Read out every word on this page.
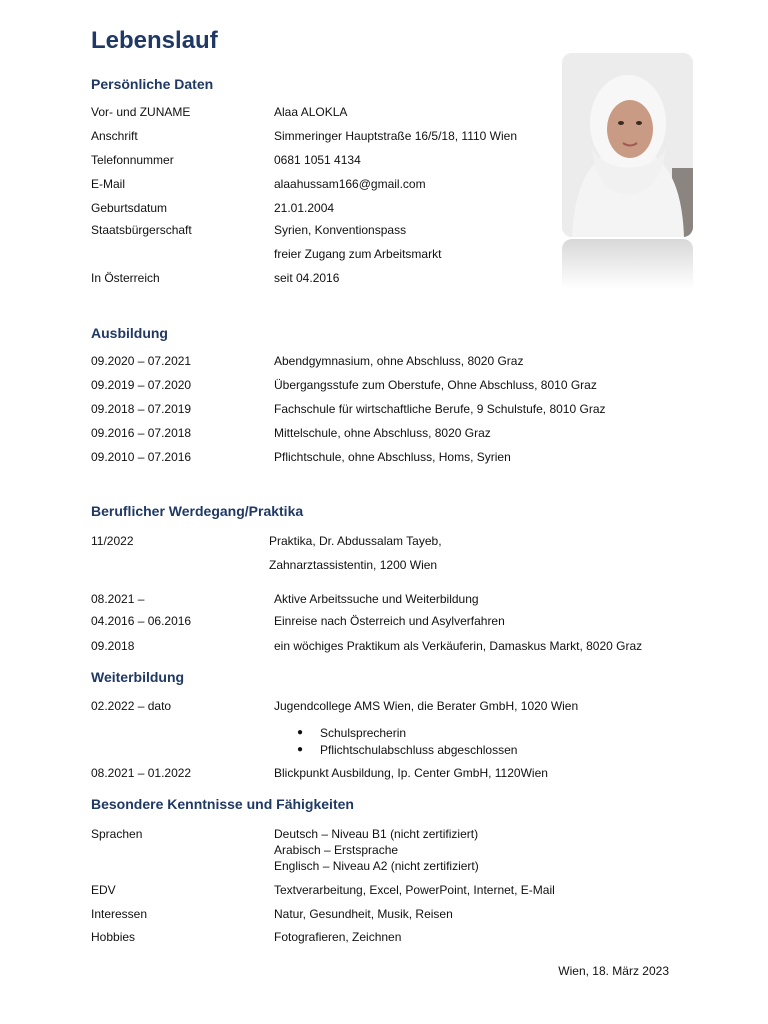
Lebenslauf
Persönliche Daten
Vor- und ZUNAME	Alaa ALOKLA
Anschrift	Simmeringer Hauptstraße 16/5/18, 1110 Wien
Telefonnummer	0681 1051 4134
E-Mail	alaahussam166@gmail.com
Geburtsdatum	21.01.2004
Staatsbürgerschaft	Syrien, Konventionspass
freier Zugang zum Arbeitsmarkt
In Österreich	seit 04.2016
Ausbildung
09.2020 – 07.2021	Abendgymnasium, ohne Abschluss, 8020 Graz
09.2019 – 07.2020	Übergangsstufe zum Oberstufe, Ohne Abschluss, 8010 Graz
09.2018 – 07.2019	Fachschule für wirtschaftliche Berufe, 9 Schulstufe, 8010 Graz
09.2016 – 07.2018	Mittelschule, ohne Abschluss, 8020 Graz
09.2010 – 07.2016	Pflichtschule, ohne Abschluss, Homs, Syrien
Beruflicher Werdegang/Praktika
11/2022	Praktika, Dr. Abdussalam Tayeb,
Zahnarztassistentin, 1200 Wien
08.2021 –	Aktive Arbeitssuche und Weiterbildung
04.2016 – 06.2016	Einreise nach Österreich und Asylverfahren
09.2018	ein wöchiges Praktikum als Verkäuferin, Damaskus Markt, 8020 Graz
Weiterbildung
02.2022 – dato	Jugendcollege AMS Wien, die Berater GmbH, 1020 Wien
● Schulsprecherin
● Pflichtschulabschluss abgeschlossen
08.2021 – 01.2022	Blickpunkt Ausbildung, Ip. Center GmbH, 1120Wien
Besondere Kenntnisse und Fähigkeiten
Sprachen	Deutsch – Niveau B1 (nicht zertifiziert)
Arabisch – Erstsprache
Englisch – Niveau A2 (nicht zertifiziert)
EDV	Textverarbeitung, Excel, PowerPoint, Internet, E-Mail
Interessen	Natur, Gesundheit, Musik, Reisen
Hobbies	Fotografieren, Zeichnen
Wien, 18. März 2023
